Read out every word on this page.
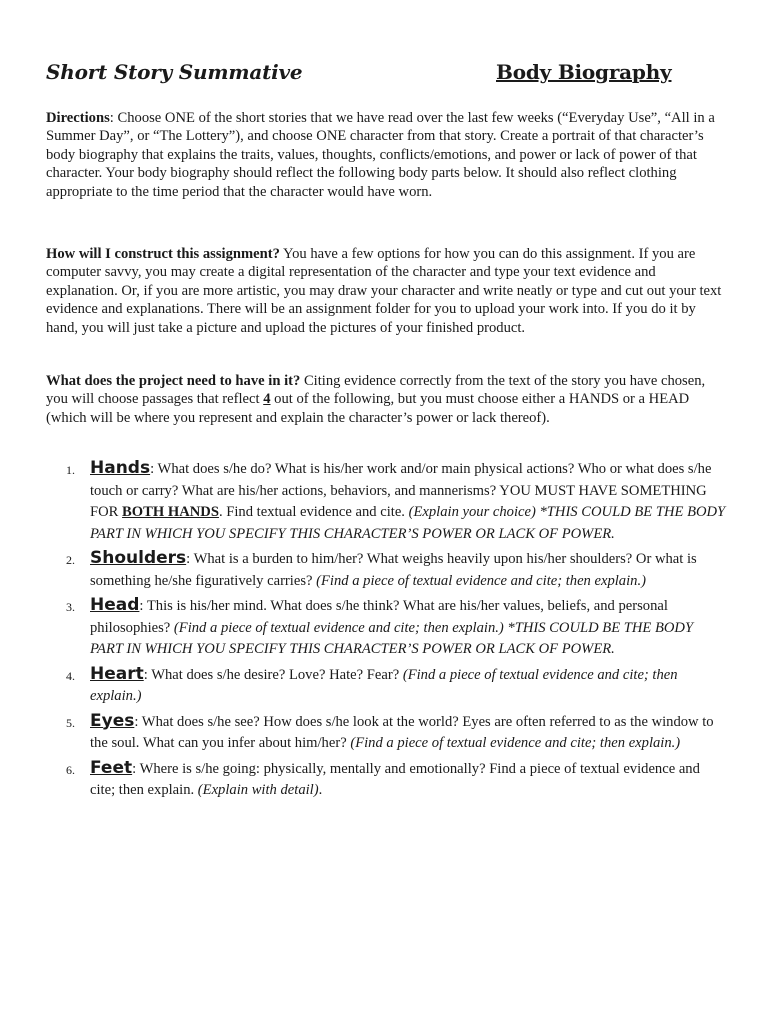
Short Story Summative	Body Biography

Directions: Choose ONE of the short stories that we have read over the last few weeks (“Everyday Use”, “All in a Summer Day”, or “The Lottery”), and choose ONE character from that story. Create a portrait of that character’s body biography that explains the traits, values, thoughts, conflicts/emotions, and power or lack of power of that character. Your body biography should reflect the following body parts below. It should also reflect clothing appropriate to the time period that the character would have worn.

How will I construct this assignment? You have a few options for how you can do this assignment. If you are computer savvy, you may create a digital representation of the character and type your text evidence and explanation. Or, if you are more artistic, you may draw your character and write neatly or type and cut out your text evidence and explanations. There will be an assignment folder for you to upload your work into. If you do it by hand, you will just take a picture and upload the pictures of your finished product.

What does the project need to have in it? Citing evidence correctly from the text of the story you have chosen, you will choose passages that reflect 4 out of the following, but you must choose either a HANDS or a HEAD (which will be where you represent and explain the character’s power or lack thereof).

1. Hands: What does s/he do? What is his/her work and/or main physical actions? Who or what does s/he touch or carry? What are his/her actions, behaviors, and mannerisms? YOU MUST HAVE SOMETHING FOR BOTH HANDS. Find textual evidence and cite. (Explain your choice) *THIS COULD BE THE BODY PART IN WHICH YOU SPECIFY THIS CHARACTER’S POWER OR LACK OF POWER.
2. Shoulders: What is a burden to him/her? What weighs heavily upon his/her shoulders? Or what is something he/she figuratively carries? (Find a piece of textual evidence and cite; then explain.)
3. Head: This is his/her mind. What does s/he think? What are his/her values, beliefs, and personal philosophies? (Find a piece of textual evidence and cite; then explain.) *THIS COULD BE THE BODY PART IN WHICH YOU SPECIFY THIS CHARACTER’S POWER OR LACK OF POWER.
4. Heart: What does s/he desire? Love? Hate? Fear? (Find a piece of textual evidence and cite; then explain.)
5. Eyes: What does s/he see? How does s/he look at the world? Eyes are often referred to as the window to the soul. What can you infer about him/her? (Find a piece of textual evidence and cite; then explain.)
6. Feet: Where is s/he going: physically, mentally and emotionally? Find a piece of textual evidence and cite; then explain. (Explain with detail).
